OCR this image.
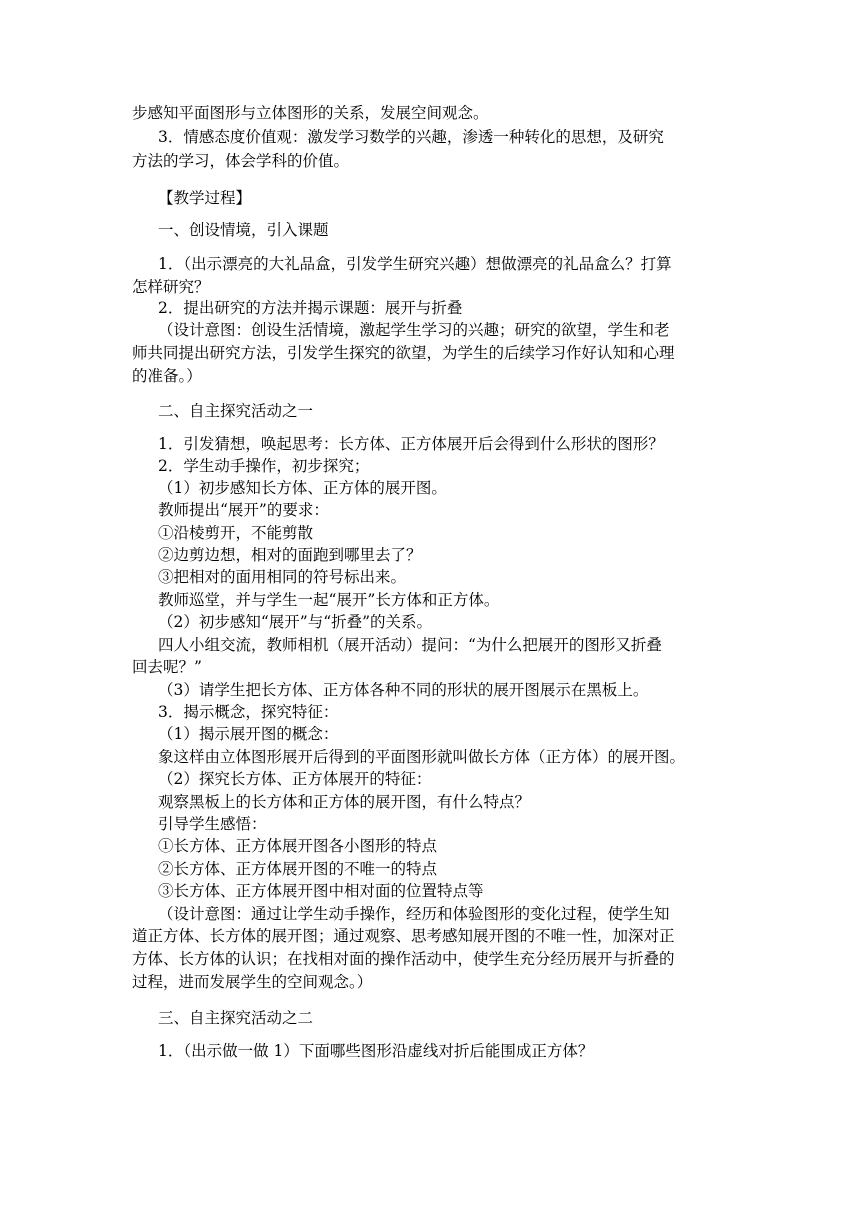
步感知平面图形与立体图形的关系，发展空间观念。
3．情感态度价值观：激发学习数学的兴趣，渗透一种转化的思想，及研究
方法的学习，体会学科的价值。
【教学过程】
一、创设情境，引入课题
1．（出示漂亮的大礼品盒，引发学生研究兴趣）想做漂亮的礼品盒么？打算
怎样研究？
2．提出研究的方法并揭示课题：展开与折叠
（设计意图：创设生活情境，激起学生学习的兴趣；研究的欲望，学生和老
师共同提出研究方法，引发学生探究的欲望，为学生的后续学习作好认知和心理
的准备。）
二、自主探究活动之一
1．引发猜想，唤起思考：长方体、正方体展开后会得到什么形状的图形？
2．学生动手操作，初步探究；
（1）初步感知长方体、正方体的展开图。
教师提出“展开”的要求：
①沿棱剪开，不能剪散
②边剪边想，相对的面跑到哪里去了？
③把相对的面用相同的符号标出来。
教师巡堂，并与学生一起“展开”长方体和正方体。
（2）初步感知“展开”与“折叠”的关系。
四人小组交流，教师相机（展开活动）提问：“为什么把展开的图形又折叠
回去呢？”
（3）请学生把长方体、正方体各种不同的形状的展开图展示在黑板上。
3．揭示概念，探究特征：
（1）揭示展开图的概念：
象这样由立体图形展开后得到的平面图形就叫做长方体（正方体）的展开图。
（2）探究长方体、正方体展开的特征：
观察黑板上的长方体和正方体的展开图，有什么特点？
引导学生感悟：
①长方体、正方体展开图各小图形的特点
②长方体、正方体展开图的不唯一的特点
③长方体、正方体展开图中相对面的位置特点等
（设计意图：通过让学生动手操作，经历和体验图形的变化过程，使学生知
道正方体、长方体的展开图；通过观察、思考感知展开图的不唯一性，加深对正
方体、长方体的认识；在找相对面的操作活动中，使学生充分经历展开与折叠的
过程，进而发展学生的空间观念。）
三、自主探究活动之二
1．（出示做一做 1）下面哪些图形沿虚线对折后能围成正方体？
